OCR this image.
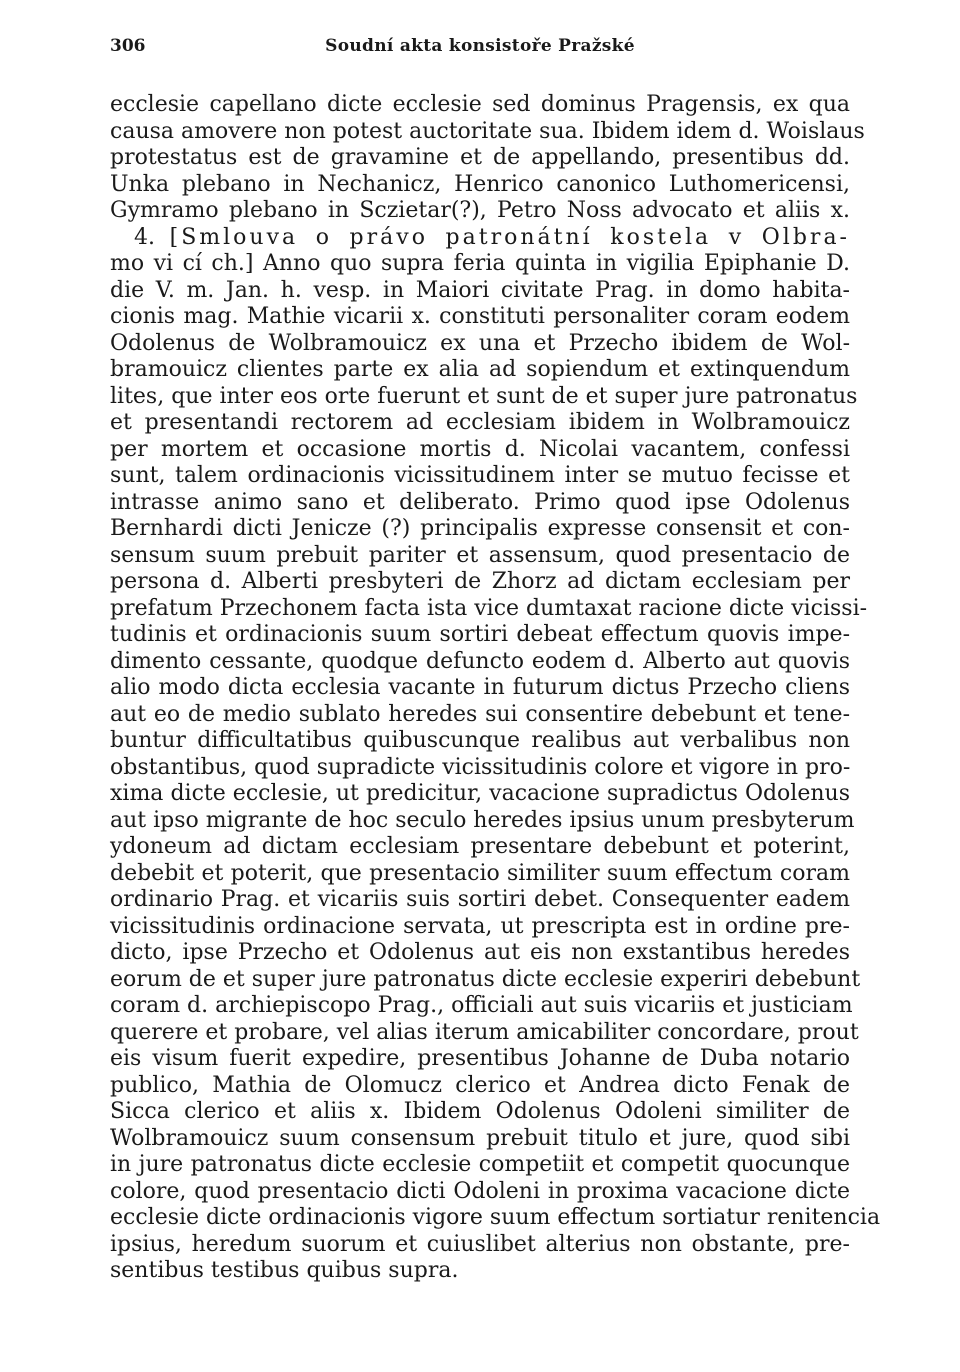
306	Soudní akta konsistoře Pražské
ecclesie capellano dicte ecclesie sed dominus Pragensis, ex qua
causa amovere non potest auctoritate sua. Ibidem idem d. Woislaus
protestatus est de gravamine et de appellando, presentibus dd.
Unka plebano in Nechanicz, Henrico canonico Luthomericensi,
Gymramo plebano in Sczietar(?), Petro Noss advocato et aliis x.
4. [Smlouva o právo patronátní kostela v Olbra-
mo vi cí ch.] Anno quo supra feria quinta in vigilia Epiphanie D.
die V. m. Jan. h. vesp. in Maiori civitate Prag. in domo habita-
cionis mag. Mathie vicarii x. constituti personaliter coram eodem
Odolenus de Wolbramouicz ex una et Przecho ibidem de Wol-
bramouicz clientes parte ex alia ad sopiendum et extinquendum
lites, que inter eos orte fuerunt et sunt de et super jure patronatus
et presentandi rectorem ad ecclesiam ibidem in Wolbramouicz
per mortem et occasione mortis d. Nicolai vacantem, confessi
sunt, talem ordinacionis vicissitudinem inter se mutuo fecisse et
intrasse animo sano et deliberato. Primo quod ipse Odolenus
Bernhardi dicti Jenicze (?) principalis expresse consensit et con-
sensum suum prebuit pariter et assensum, quod presentacio de
persona d. Alberti presbyteri de Zhorz ad dictam ecclesiam per
prefatum Przechonem facta ista vice dumtaxat racione dicte vicissi-
tudinis et ordinacionis suum sortiri debeat effectum quovis impe-
dimento cessante, quodque defuncto eodem d. Alberto aut quovis
alio modo dicta ecclesia vacante in futurum dictus Przecho cliens
aut eo de medio sublato heredes sui consentire debebunt et tene-
buntur difficultatibus quibuscunque realibus aut verbalibus non
obstantibus, quod supradicte vicissitudinis colore et vigore in pro-
xima dicte ecclesie, ut predicitur, vacacione supradictus Odolenus
aut ipso migrante de hoc seculo heredes ipsius unum presbyterum
ydoneum ad dictam ecclesiam presentare debebunt et poterint,
debebit et poterit, que presentacio similiter suum effectum coram
ordinario Prag. et vicariis suis sortiri debet. Consequenter eadem
vicissitudinis ordinacione servata, ut prescripta est in ordine pre-
dicto, ipse Przecho et Odolenus aut eis non exstantibus heredes
eorum de et super jure patronatus dicte ecclesie experiri debebunt
coram d. archiepiscopo Prag., officiali aut suis vicariis et justiciam
querere et probare, vel alias iterum amicabiliter concordare, prout
eis visum fuerit expedire, presentibus Johanne de Duba notario
publico, Mathia de Olomucz clerico et Andrea dicto Fenak de
Sicca clerico et aliis x. Ibidem Odolenus Odoleni similiter de
Wolbramouicz suum consensum prebuit titulo et jure, quod sibi
in jure patronatus dicte ecclesie competiit et competit quocunque
colore, quod presentacio dicti Odoleni in proxima vacacione dicte
ecclesie dicte ordinacionis vigore suum effectum sortiatur renitencia
ipsius, heredum suorum et cuiuslibet alterius non obstante, pre-
sentibus testibus quibus supra.
